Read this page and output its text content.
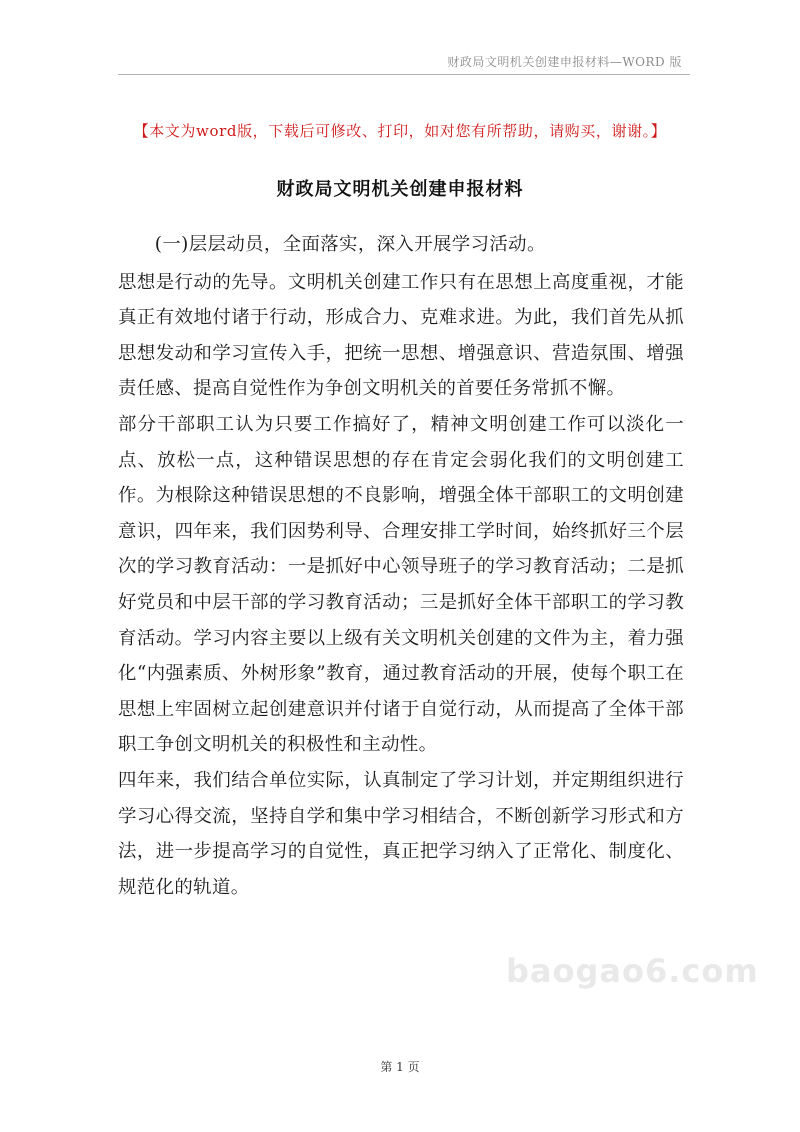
财政局文明机关创建申报材料—WORD 版
【本文为word版，下载后可修改、打印，如对您有所帮助，请购买，谢谢。】
财政局文明机关创建申报材料

(一)层层动员，全面落实，深入开展学习活动。

思想是行动的先导。文明机关创建工作只有在思想上高度重视，才能真正有效地付诸于行动，形成合力、克难求进。为此，我们首先从抓思想发动和学习宣传入手，把统一思想、增强意识、营造氛围、增强责任感、提高自觉性作为争创文明机关的首要任务常抓不懈。

部分干部职工认为只要工作搞好了，精神文明创建工作可以淡化一点、放松一点，这种错误思想的存在肯定会弱化我们的文明创建工作。为根除这种错误思想的不良影响，增强全体干部职工的文明创建意识，四年来，我们因势利导、合理安排工学时间，始终抓好三个层次的学习教育活动：一是抓好中心领导班子的学习教育活动；二是抓好党员和中层干部的学习教育活动；三是抓好全体干部职工的学习教育活动。学习内容主要以上级有关文明机关创建的文件为主，着力强化“内强素质、外树形象”教育，通过教育活动的开展，使每个职工在思想上牢固树立起创建意识并付诸于自觉行动，从而提高了全体干部职工争创文明机关的积极性和主动性。

四年来，我们结合单位实际，认真制定了学习计划，并定期组织进行学习心得交流，坚持自学和集中学习相结合，不断创新学习形式和方法，进一步提高学习的自觉性，真正把学习纳入了正常化、制度化、规范化的轨道。

baogao6.com
第 1 页
